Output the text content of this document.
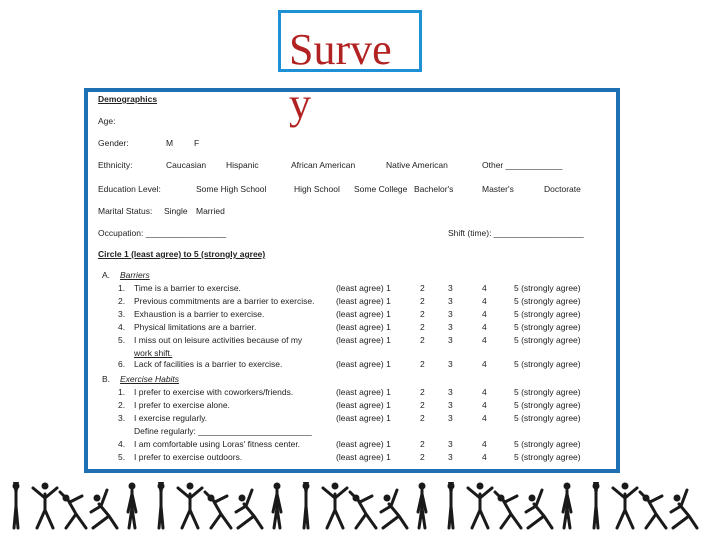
Survey
Demographics
Age:
Gender:	M F
Ethnicity:	Caucasian Hispanic	African American	Native American	Other ____________
Education Level:	Some High School	High School Some College Bachelor's	Master's	Doctorate
Marital Status: Single Married
Occupation: _________________	Shift (time): ___________________
Circle 1 (least agree) to 5 (strongly agree)
A. Barriers
1. Time is a barrier to exercise.	(least agree) 1	2	3	4	5 (strongly agree)
2. Previous commitments are a barrier to exercise.	(least agree) 1	2	3	4	5 (strongly agree)
3. Exhaustion is a barrier to exercise.	(least agree) 1	2	3	4	5 (strongly agree)
4. Physical limitations are a barrier.	(least agree) 1	2	3	4	5 (strongly agree)
5. I miss out on leisure activities because of my	(least agree) 1	2	3	4	5 (strongly agree)
work shift.
6. Lack of facilities is a barrier to exercise.	(least agree) 1	2	3	4	5 (strongly agree)
B. Exercise Habits
1. I prefer to exercise with coworkers/friends.	(least agree) 1	2	3	4	5 (strongly agree)
2. I prefer to exercise alone.	(least agree) 1	2	3	4	5 (strongly agree)
3. I exercise regularly.	(least agree) 1	2	3	4	5 (strongly agree)
Define regularly: ________________________
4. I am comfortable using Loras' fitness center.	(least agree) 1	2	3	4	5 (strongly agree)
5. I prefer to exercise outdoors.	(least agree) 1	2	3	4	5 (strongly agree)
